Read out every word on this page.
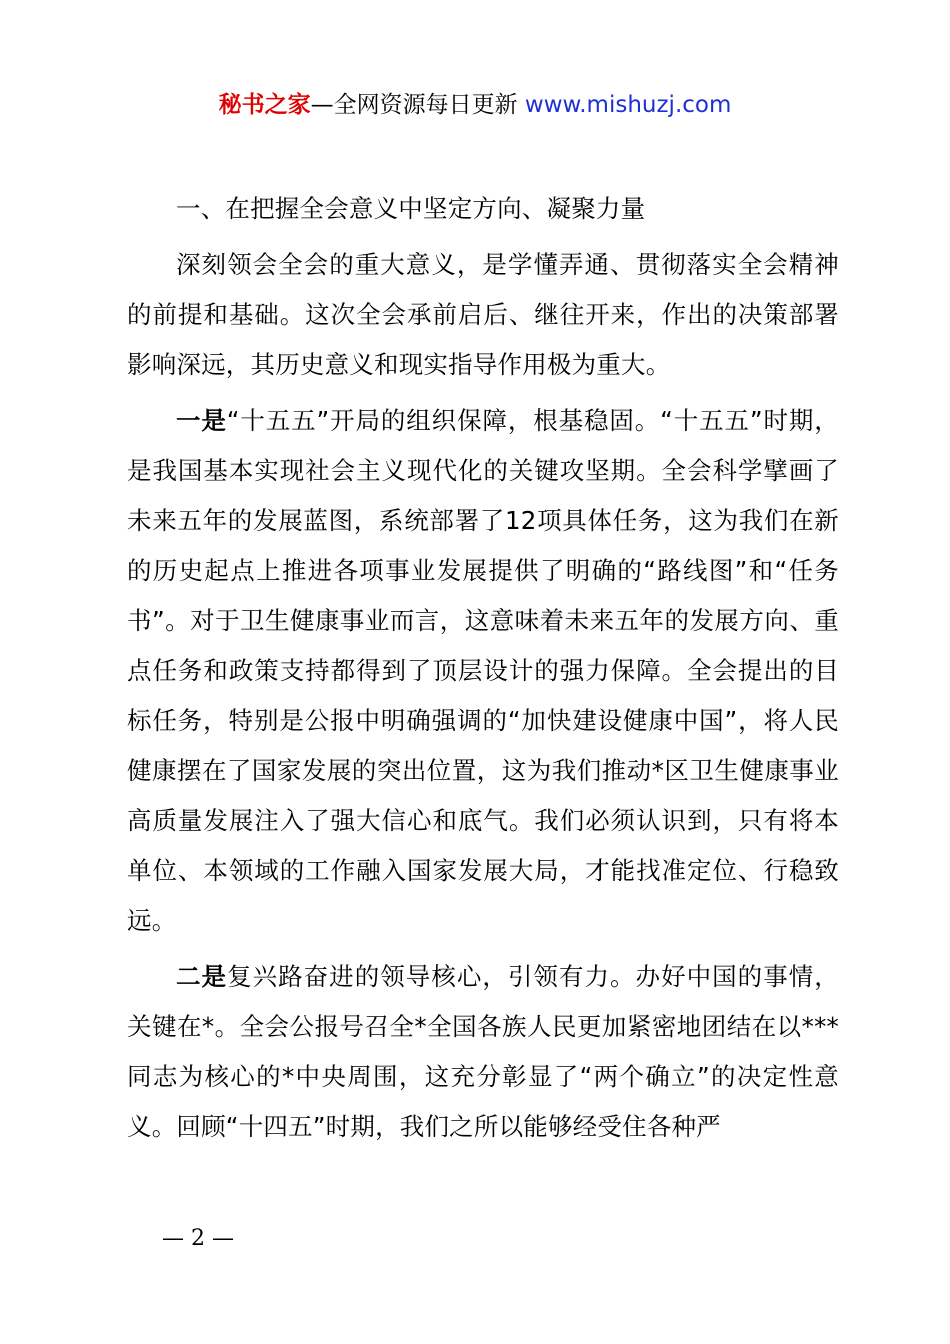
秘书之家—全网资源每日更新 www.mishuzj.com

一、在把握全会意义中坚定方向、凝聚力量

深刻领会全会的重大意义，是学懂弄通、贯彻落实全会精神的前提和基础。这次全会承前启后、继往开来，作出的决策部署影响深远，其历史意义和现实指导作用极为重大。

一是“十五五”开局的组织保障，根基稳固。“十五五”时期，是我国基本实现社会主义现代化的关键攻坚期。全会科学擘画了未来五年的发展蓝图，系统部署了12项具体任务，这为我们在新的历史起点上推进各项事业发展提供了明确的“路线图”和“任务书”。对于卫生健康事业而言，这意味着未来五年的发展方向、重点任务和政策支持都得到了顶层设计的强力保障。全会提出的目标任务，特别是公报中明确强调的“加快建设健康中国”，将人民健康摆在了国家发展的突出位置，这为我们推动*区卫生健康事业高质量发展注入了强大信心和底气。我们必须认识到，只有将本单位、本领域的工作融入国家发展大局，才能找准定位、行稳致远。

二是复兴路奋进的领导核心，引领有力。办好中国的事情，关键在*。全会公报号召全*全国各族人民更加紧密地团结在以***同志为核心的*中央周围，这充分彰显了“两个确立”的决定性意义。回顾“十四五”时期，我们之所以能够经受住各种严

— 2 —
